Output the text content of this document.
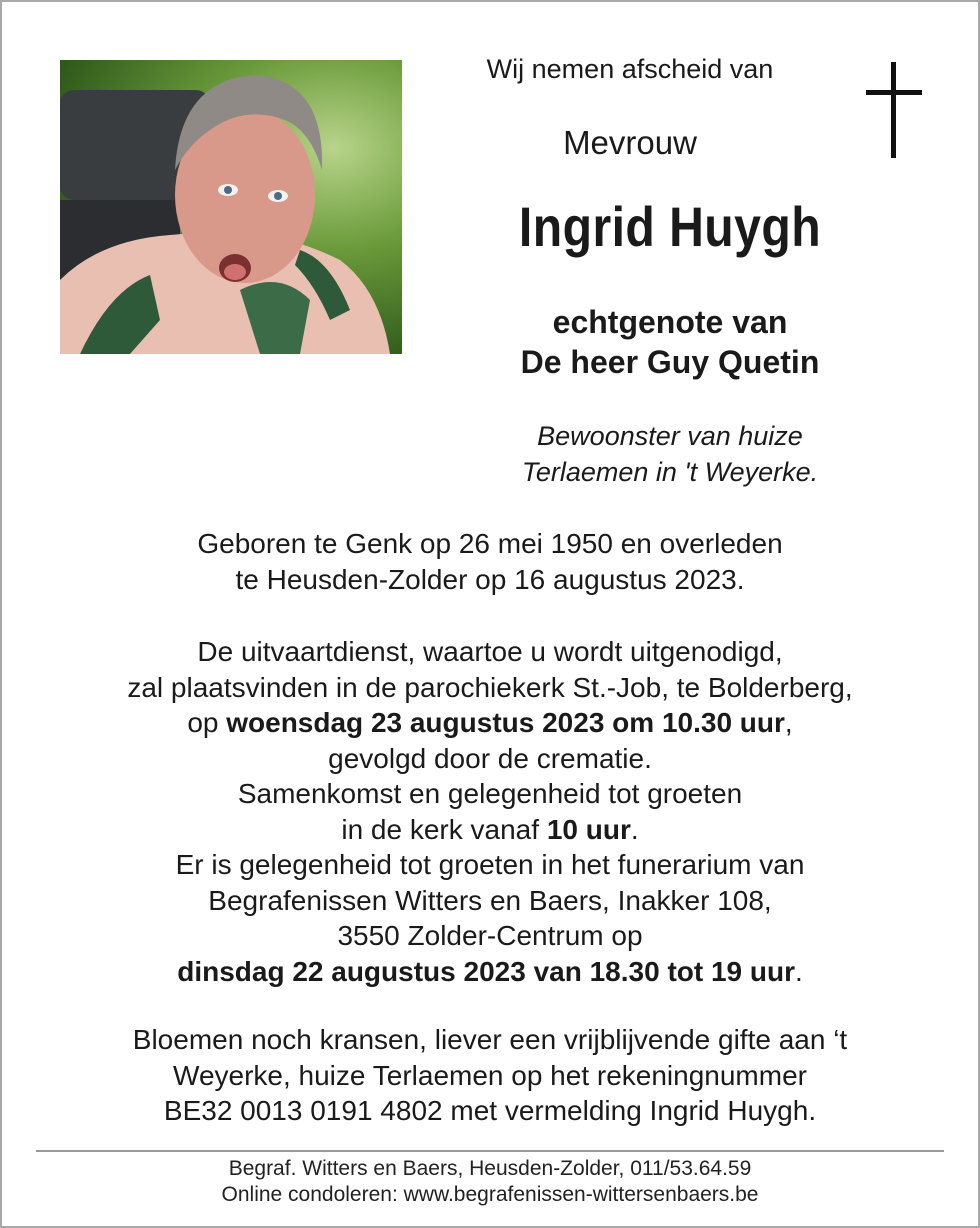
Wij nemen afscheid van
Mevrouw
Ingrid Huygh
echtgenote van
De heer Guy Quetin
Bewoonster van huize
Terlaemen in 't Weyerke.
Geboren te Genk op 26 mei 1950 en overleden
te Heusden-Zolder op 16 augustus 2023.
De uitvaartdienst, waartoe u wordt uitgenodigd,
zal plaatsvinden in de parochiekerk St.-Job, te Bolderberg,
op woensdag 23 augustus 2023 om 10.30 uur,
gevolgd door de crematie.
Samenkomst en gelegenheid tot groeten
in de kerk vanaf 10 uur.
Er is gelegenheid tot groeten in het funerarium van
Begrafenissen Witters en Baers, Inakker 108,
3550 Zolder-Centrum op
dinsdag 22 augustus 2023 van 18.30 tot 19 uur.
Bloemen noch kransen, liever een vrijblijvende gifte aan ‘t
Weyerke, huize Terlaemen op het rekeningnummer
BE32 0013 0191 4802 met vermelding Ingrid Huygh.
Begraf. Witters en Baers, Heusden-Zolder, 011/53.64.59
Online condoleren: www.begrafenissen-wittersenbaers.be
